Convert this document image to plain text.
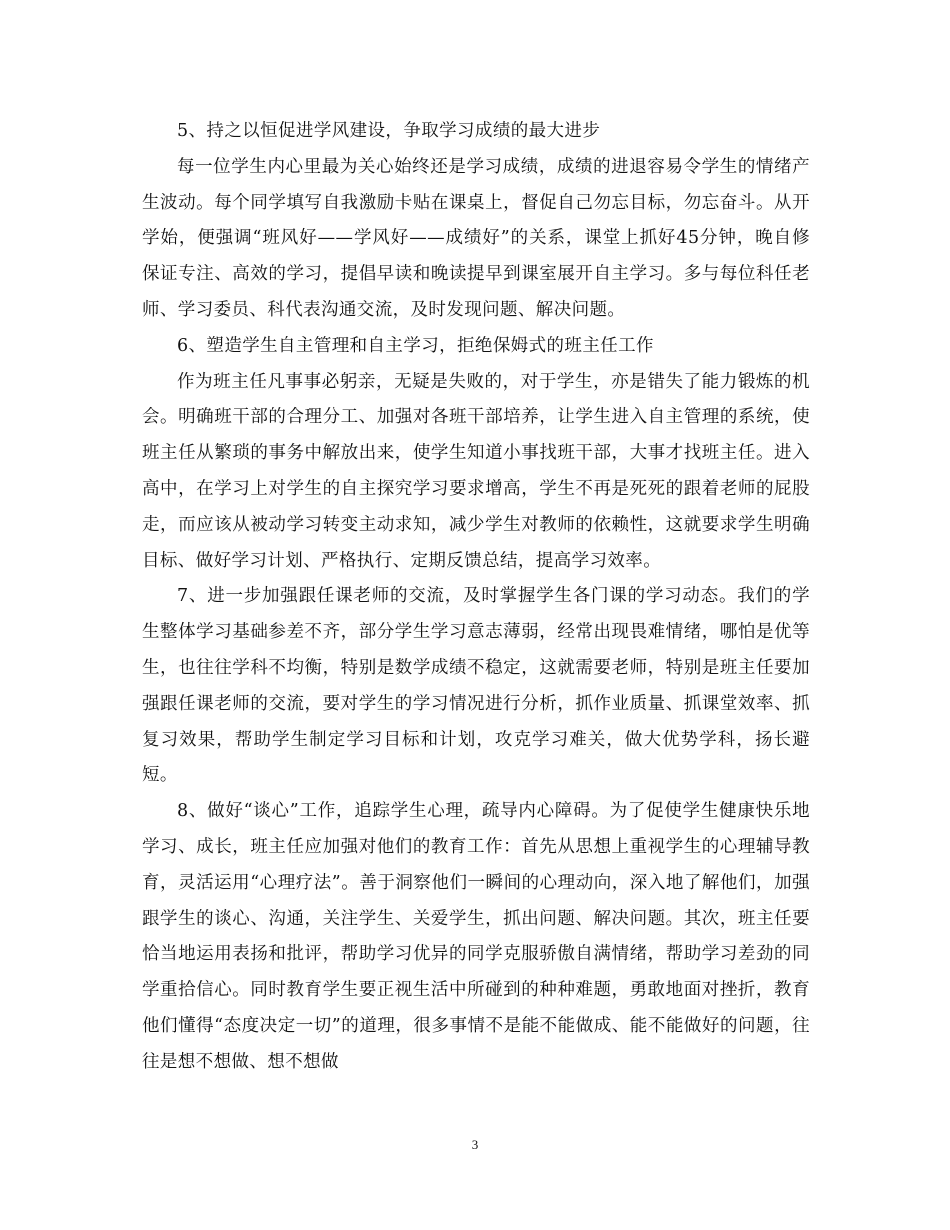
5、持之以恒促进学风建设，争取学习成绩的最大进步

每一位学生内心里最为关心始终还是学习成绩，成绩的进退容易令学生的情绪产生波动。每个同学填写自我激励卡贴在课桌上，督促自己勿忘目标，勿忘奋斗。从开学始，便强调“班风好——学风好——成绩好”的关系，课堂上抓好45分钟，晚自修保证专注、高效的学习，提倡早读和晚读提早到课室展开自主学习。多与每位科任老师、学习委员、科代表沟通交流，及时发现问题、解决问题。

6、塑造学生自主管理和自主学习，拒绝保姆式的班主任工作

作为班主任凡事事必躬亲，无疑是失败的，对于学生，亦是错失了能力锻炼的机会。明确班干部的合理分工、加强对各班干部培养，让学生进入自主管理的系统，使班主任从繁琐的事务中解放出来，使学生知道小事找班干部，大事才找班主任。进入高中，在学习上对学生的自主探究学习要求增高，学生不再是死死的跟着老师的屁股走，而应该从被动学习转变主动求知，减少学生对教师的依赖性，这就要求学生明确目标、做好学习计划、严格执行、定期反馈总结，提高学习效率。

7、进一步加强跟任课老师的交流，及时掌握学生各门课的学习动态。我们的学生整体学习基础参差不齐，部分学生学习意志薄弱，经常出现畏难情绪，哪怕是优等生，也往往学科不均衡，特别是数学成绩不稳定，这就需要老师，特别是班主任要加强跟任课老师的交流，要对学生的学习情况进行分析，抓作业质量、抓课堂效率、抓复习效果，帮助学生制定学习目标和计划，攻克学习难关，做大优势学科，扬长避短。

8、做好“谈心”工作，追踪学生心理，疏导内心障碍。为了促使学生健康快乐地学习、成长，班主任应加强对他们的教育工作：首先从思想上重视学生的心理辅导教育，灵活运用“心理疗法”。善于洞察他们一瞬间的心理动向，深入地了解他们，加强跟学生的谈心、沟通，关注学生、关爱学生，抓出问题、解决问题。其次，班主任要恰当地运用表扬和批评，帮助学习优异的同学克服骄傲自满情绪，帮助学习差劲的同学重拾信心。同时教育学生要正视生活中所碰到的种种难题，勇敢地面对挫折，教育他们懂得“态度决定一切”的道理，很多事情不是能不能做成、能不能做好的问题，往往是想不想做、想不想做

3
